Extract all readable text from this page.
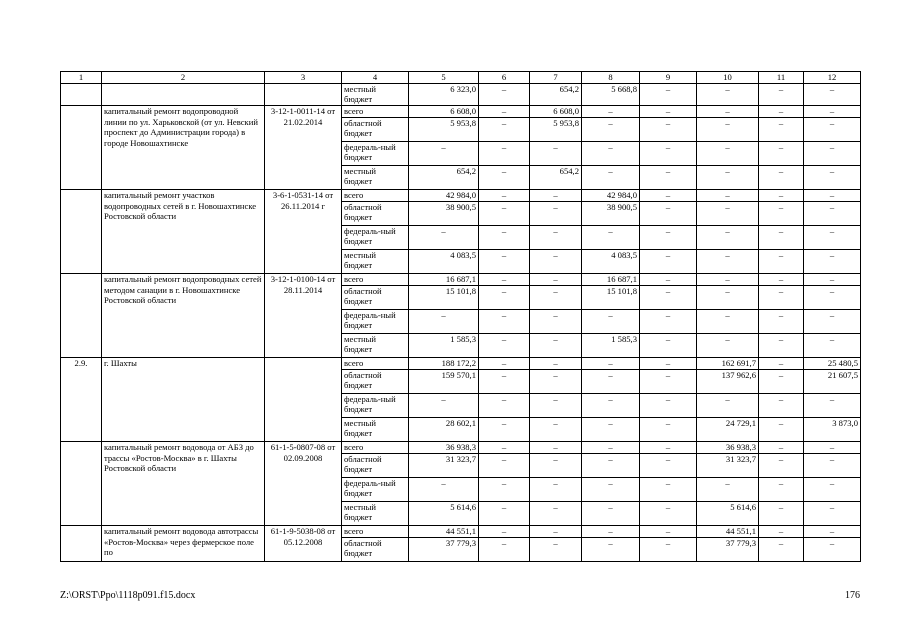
1	2	3	4	5	6	7	8	9	10	11	12
			местный бюджет	6 323,0	–	654,2	5 668,8	–	–	–	–
	капитальный ремонт водопроводной линии по ул. Харьковской (от ул. Невский проспект до Администрации города) в городе Новошахтинске	3-12-1-0011-14 от 21.02.2014	всего	6 608,0	–	6 608,0	–	–	–	–	–
			областной бюджет	5 953,8	–	5 953,8	–	–	–	–	–
			федераль-ный бюджет	–	–	–	–	–	–	–	–
			местный бюджет	654,2	–	654,2	–	–	–	–	–
	капитальный ремонт участков водопроводных сетей в г. Новошахтинске Ростовской области	3-6-1-0531-14 от 26.11.2014 г	всего	42 984,0	–	–	42 984,0	–	–	–	–
			областной бюджет	38 900,5	–	–	38 900,5	–	–	–	–
			федераль-ный бюджет	–	–	–	–	–	–	–	–
			местный бюджет	4 083,5	–	–	4 083,5	–	–	–	–
	капитальный ремонт водопроводных сетей методом санации в г. Новошахтинске Ростовской области	3-12-1-0100-14 от 28.11.2014	всего	16 687,1	–	–	16 687,1	–	–	–	–
			областной бюджет	15 101,8	–	–	15 101,8	–	–	–	–
			федераль-ный бюджет	–	–	–	–	–	–	–	–
			местный бюджет	1 585,3	–	–	1 585,3	–	–	–	–
2.9.	г. Шахты		всего	188 172,2	–	–	–	–	162 691,7	–	25 480,5
			областной бюджет	159 570,1	–	–	–	–	137 962,6	–	21 607,5
			федераль-ный бюджет	–	–	–	–	–	–	–	–
			местный бюджет	28 602,1	–	–	–	–	24 729,1	–	3 873,0
	капитальный ремонт водовода от АБЗ до трассы «Ростов-Москва» в г. Шахты Ростовской области	61-1-5-0807-08 от 02.09.2008	всего	36 938,3	–	–	–	–	36 938,3	–	–
			областной бюджет	31 323,7	–	–	–	–	31 323,7	–	–
			федераль-ный бюджет	–	–	–	–	–	–	–	–
			местный бюджет	5 614,6	–	–	–	–	5 614,6	–	–
	капитальный ремонт водовода автотрассы «Ростов-Москва» через фермерское поле по	61-1-9-5038-08 от 05.12.2008	всего	44 551,1	–	–	–	–	44 551,1	–	–
			областной бюджет	37 779,3	–	–	–	–	37 779,3	–	–
Z:\ORST\Ppo\1118p091.f15.docx	176
